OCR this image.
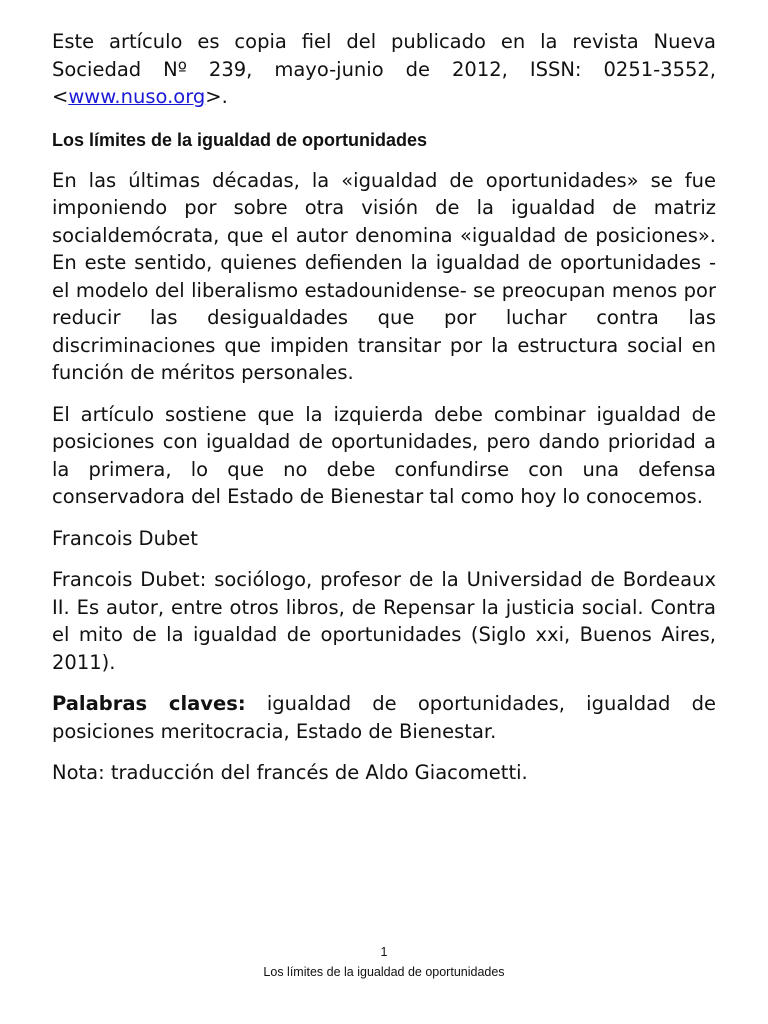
Este artículo es copia fiel del publicado en la revista Nueva Sociedad Nº 239, mayo-junio de 2012, ISSN: 0251-3552, <www.nuso.org>.

Los límites de la igualdad de oportunidades

En las últimas décadas, la «igualdad de oportunidades» se fue imponiendo por sobre otra visión de la igualdad de matriz socialdemócrata, que el autor denomina «igualdad de posiciones». En este sentido, quienes defienden la igualdad de oportunidades -el modelo del liberalismo estadounidense- se preocupan menos por reducir las desigualdades que por luchar contra las discriminaciones que impiden transitar por la estructura social en función de méritos personales.

El artículo sostiene que la izquierda debe combinar igualdad de posiciones con igualdad de oportunidades, pero dando prioridad a la primera, lo que no debe confundirse con una defensa conservadora del Estado de Bienestar tal como hoy lo conocemos.

Francois Dubet

Francois Dubet: sociólogo, profesor de la Universidad de Bordeaux II. Es autor, entre otros libros, de Repensar la justicia social. Contra el mito de la igualdad de oportunidades (Siglo xxi, Buenos Aires, 2011).

Palabras claves: igualdad de oportunidades, igualdad de posiciones meritocracia, Estado de Bienestar.

Nota: traducción del francés de Aldo Giacometti.

1
Los límites de la igualdad de oportunidades
